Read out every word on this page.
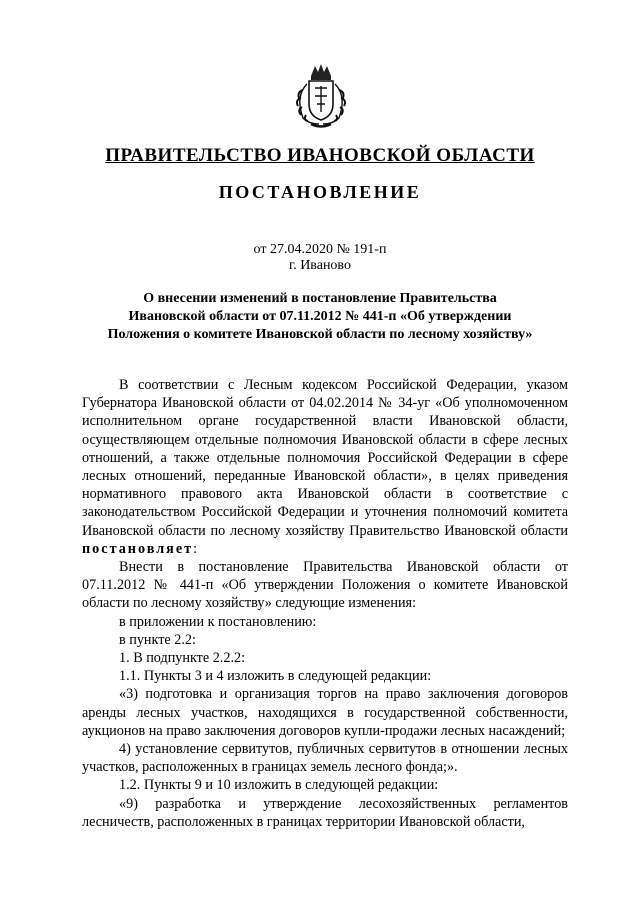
ПРАВИТЕЛЬСТВО ИВАНОВСКОЙ ОБЛАСТИ
ПОСТАНОВЛЕНИЕ
от 27.04.2020 № 191-п
г. Иваново
О внесении изменений в постановление Правительства
Ивановской области от 07.11.2012 № 441-п «Об утверждении
Положения о комитете Ивановской области по лесному хозяйству»

В соответствии с Лесным кодексом Российской Федерации, указом Губернатора Ивановской области от 04.02.2014 № 34-уг «Об уполномоченном исполнительном органе государственной власти Ивановской области, осуществляющем отдельные полномочия Ивановской области в сфере лесных отношений, а также отдельные полномочия Российской Федерации в сфере лесных отношений, переданные Ивановской области», в целях приведения нормативного правового акта Ивановской области в соответствие с законодательством Российской Федерации и уточнения полномочий комитета Ивановской области по лесному хозяйству Правительство Ивановской области постановляет:

Внести в постановление Правительства Ивановской области от 07.11.2012 № 441-п «Об утверждении Положения о комитете Ивановской области по лесному хозяйству» следующие изменения:

в приложении к постановлению:

в пункте 2.2:

1. В подпункте 2.2.2:

1.1. Пункты 3 и 4 изложить в следующей редакции:

«3) подготовка и организация торгов на право заключения договоров аренды лесных участков, находящихся в государственной собственности, аукционов на право заключения договоров купли-продажи лесных насаждений;

4) установление сервитутов, публичных сервитутов в отношении лесных участков, расположенных в границах земель лесного фонда;».

1.2. Пункты 9 и 10 изложить в следующей редакции:

«9) разработка и утверждение лесохозяйственных регламентов лесничеств, расположенных в границах территории Ивановской области,
